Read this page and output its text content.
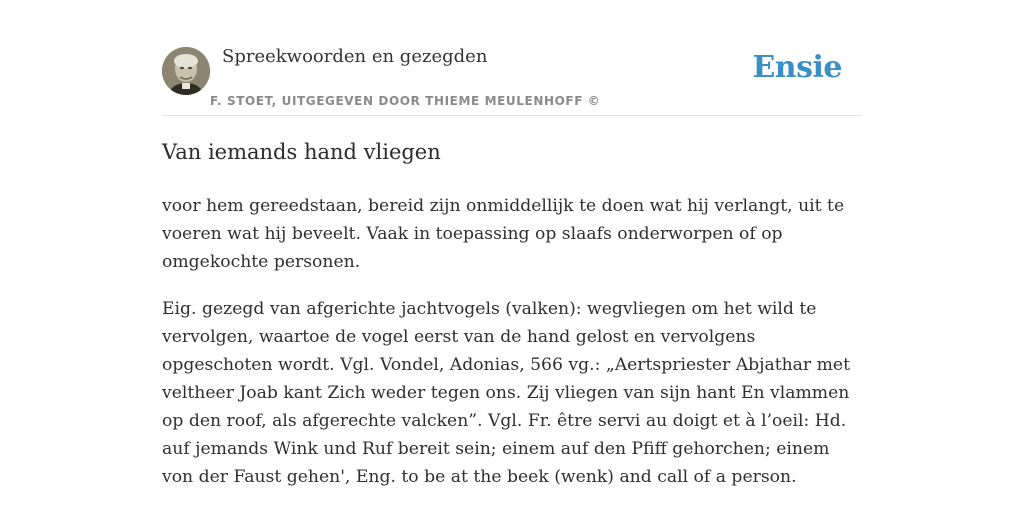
Spreekwoorden en gezegden
F. STOET, UITGEGEVEN DOOR THIEME MEULENHOFF ©
Ensie
Van iemands hand vliegen

voor hem gereedstaan, bereid zijn onmiddellijk te doen wat hij verlangt, uit te voeren wat hij beveelt. Vaak in toepassing op slaafs onderworpen of op omgekochte personen.

Eig. gezegd van afgerichte jachtvogels (valken): wegvliegen om het wild te vervolgen, waartoe de vogel eerst van de hand gelost en vervolgens opgeschoten wordt. Vgl. Vondel, Adonias, 566 vg.: „Aertspriester Abjathar met veltheer Joab kant Zich weder tegen ons. Zij vliegen van sijn hant En vlammen op den roof, als afgerechte valcken”. Vgl. Fr. être servi au doigt et à l’oeil: Hd. auf jemands Wink und Ruf bereit sein; einem auf den Pfiff gehorchen; einem von der Faust gehen', Eng. to be at the beek (wenk) and call of a person.
